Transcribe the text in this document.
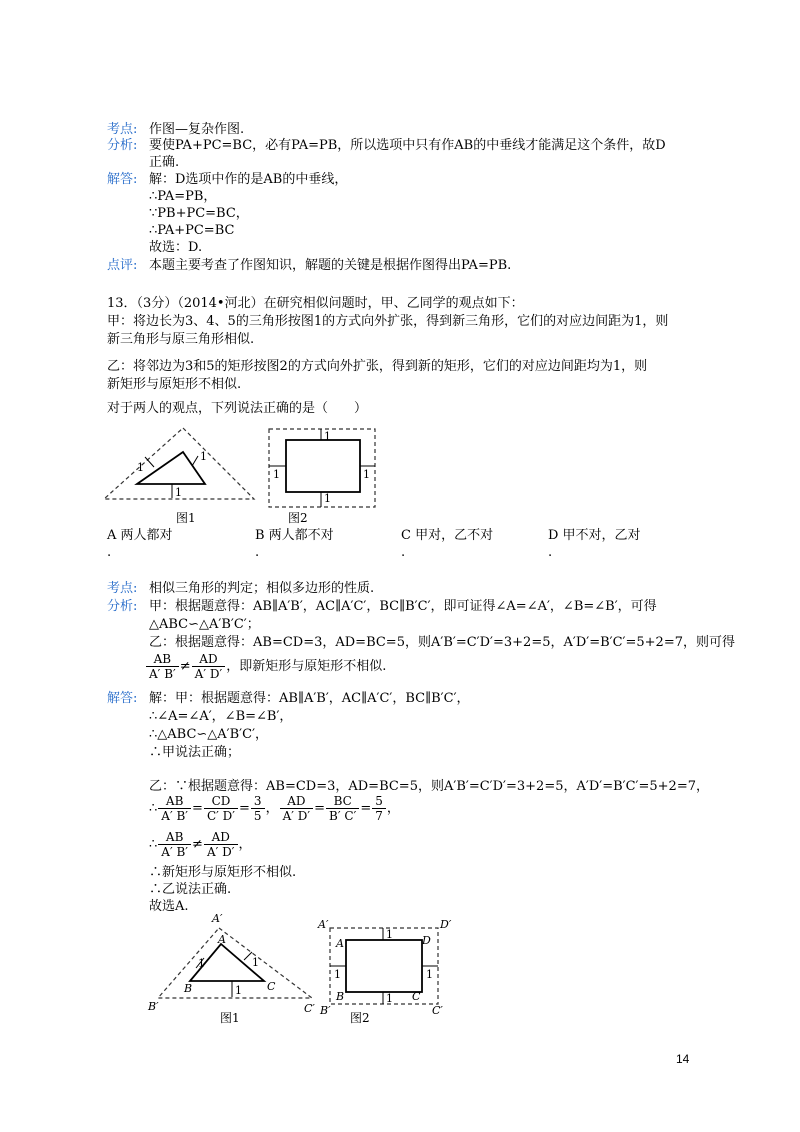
考点: 作图—复杂作图.
分析: 要使PA+PC=BC，必有PA=PB，所以选项中只有作AB的中垂线才能满足这个条件，故D
正确.
解答: 解：D选项中作的是AB的中垂线，
∴PA=PB，
∵PB+PC=BC，
∴PA+PC=BC
故选：D.
点评: 本题主要考查了作图知识，解题的关键是根据作图得出PA=PB.
13．（3分）（2014•河北）在研究相似问题时，甲、乙同学的观点如下：
甲：将边长为3、4、5的三角形按图1的方式向外扩张，得到新三角形，它们的对应边间距为1，则
新三角形与原三角形相似.
乙：将邻边为3和5的矩形按图2的方式向外扩张，得到新的矩形，它们的对应边间距均为1，则
新矩形与原矩形不相似.
对于两人的观点，下列说法正确的是（　　）
1
1
1
图1
1
1	1
1
图2
A 两人都对
.
B 两人都不对
.
C 甲对，乙不对
.
D 甲不对，乙对
.
考点: 相似三角形的判定；相似多边形的性质.
分析: 甲：根据题意得：AB∥A′B′，AC∥A′C′，BC∥B′C′，即可证得∠A=∠A′，∠B=∠B′，可得
△ABC∽△A′B′C′；
乙：根据题意得：AB=CD=3，AD=BC=5，则A′B′=C′D′=3+2=5，A′D′=B′C′=5+2=7，则可得
$\frac{AB}{A' B'} \ne \frac{AD}{A' D'}$ ，即新矩形与原矩形不相似.
解答: 解：甲：根据题意得：AB∥A′B′，AC∥A′C′，BC∥B′C′，
∴∠A=∠A′，∠B=∠B′，
∴△ABC∽△A′B′C′，
∴甲说法正确；
乙：∵根据题意得：AB=CD=3，AD=BC=5，则A′B′=C′D′=3+2=5，A′D′=B′C′=5+2=7，
∴ $\frac{AB}{A' B'} = \frac{CD}{C' D'} = \frac{3}{5}$ ， $\frac{AD}{A' D'} = \frac{BC}{B' C'} = \frac{5}{7}$ ，
∴ $\frac{AB}{A' B'} \ne \frac{AD}{A' D'}$ ，
∴新矩形与原矩形不相似.
∴乙说法正确.
故选A.
A′
A
B	C
B′	C′
1	1
1
图1
A′
A	D
D′
B	C
B′	C′
1
1	1
1
图2
14
